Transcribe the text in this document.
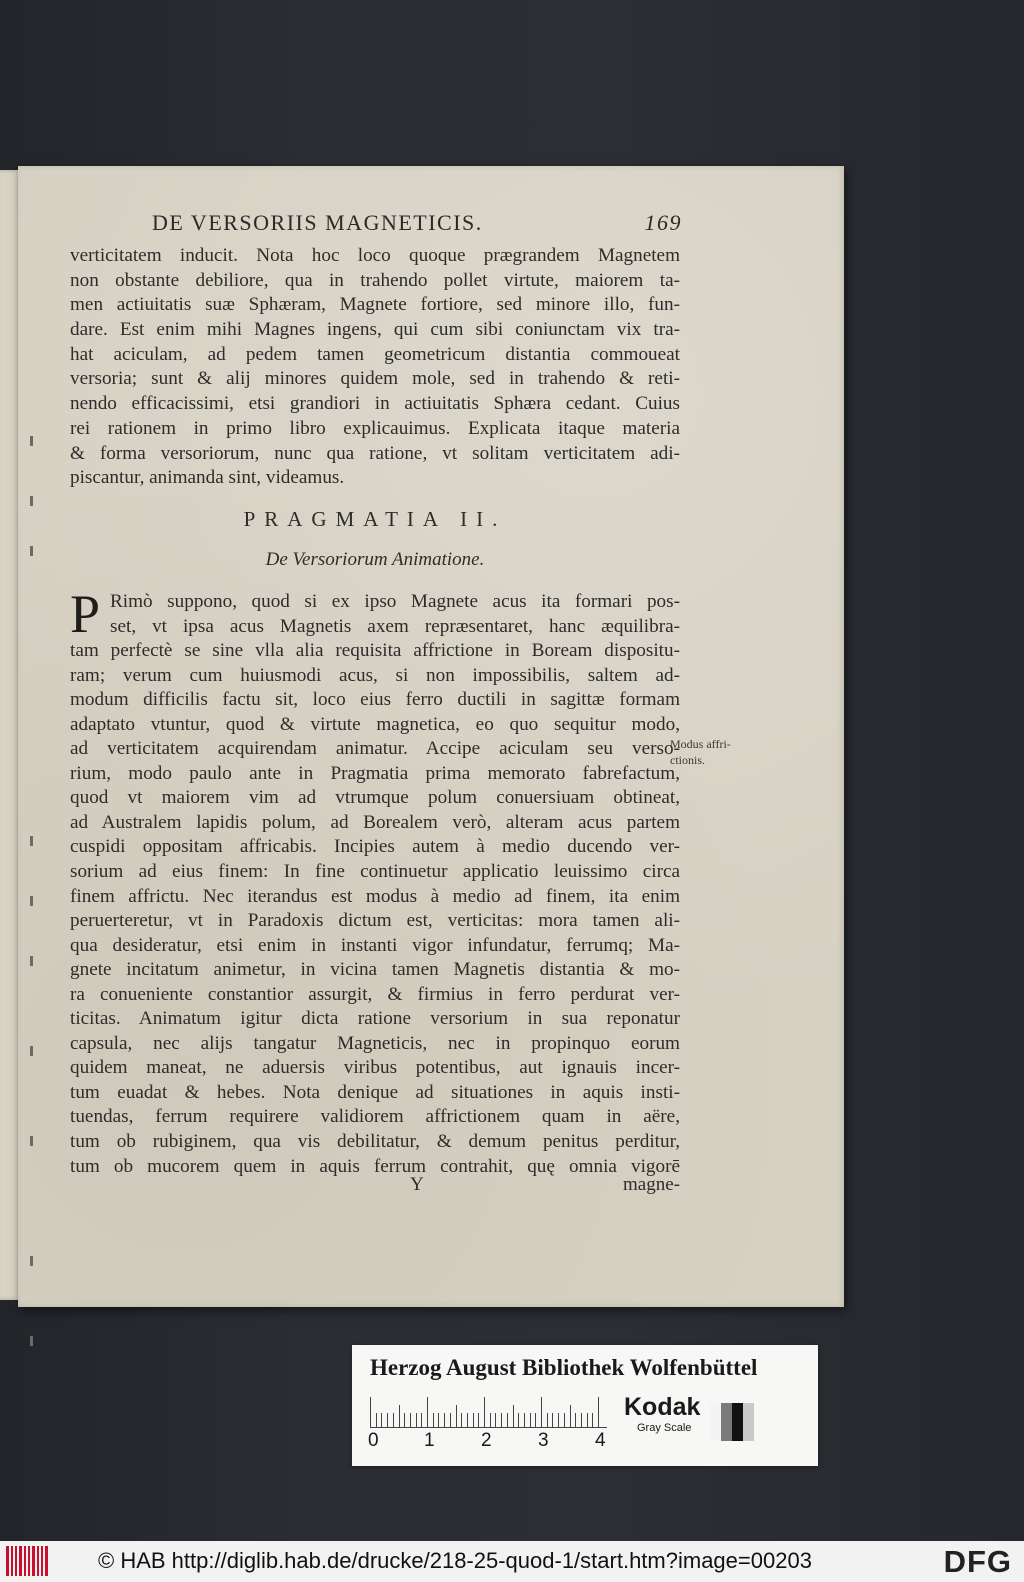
DE VERSORIIS MAGNETICIS.	169
verticitatem inducit. Nota hoc loco quoque prægrandem Magnetem
non obstante debiliore, qua in trahendo pollet virtute, maiorem ta-
men actiuitatis suæ Sphæram, Magnete fortiore, sed minore illo, fun-
dare. Est enim mihi Magnes ingens, qui cum sibi coniunctam vix tra-
hat aciculam, ad pedem tamen geometricum distantia commoueat
versoria; sunt & alij minores quidem mole, sed in trahendo & reti-
nendo efficacissimi, etsi grandiori in actiuitatis Sphæra cedant. Cuius
rei rationem in primo libro explicauimus. Explicata itaque materia
& forma versoriorum, nunc qua ratione, vt solitam verticitatem adi-
piscantur, animanda sint, videamus.
PRAGMATIA II.
De Versoriorum Animatione.
P Rimò suppono, quod si ex ipso Magnete acus ita formari pos-
set, vt ipsa acus Magnetis axem repræsentaret, hanc æquilibra-
tam perfectè se sine vlla alia requisita affrictione in Boream dispositu-
ram; verum cum huiusmodi acus, si non impossibilis, saltem ad-
modum difficilis factu sit, loco eius ferro ductili in sagittæ formam
adaptato vtuntur, quod & virtute magnetica, eo quo sequitur modo,
ad verticitatem acquirendam animatur. Accipe aciculam seu verso-
rium, modo paulo ante in Pragmatia prima memorato fabrefactum,
quod vt maiorem vim ad vtrumque polum conuersiuam obtineat,
ad Australem lapidis polum, ad Borealem verò, alteram acus partem
cuspidi oppositam affricabis. Incipies autem à medio ducendo ver-
sorium ad eius finem: In fine continuetur applicatio leuissimo circa
finem affrictu. Nec iterandus est modus à medio ad finem, ita enim
peruerteretur, vt in Paradoxis dictum est, verticitas: mora tamen ali-
qua desideratur, etsi enim in instanti vigor infundatur, ferrumq; Ma-
gnete incitatum animetur, in vicina tamen Magnetis distantia & mo-
ra conueniente constantior assurgit, & firmius in ferro perdurat ver-
ticitas. Animatum igitur dicta ratione versorium in sua reponatur
capsula, nec alijs tangatur Magneticis, nec in propinquo eorum
quidem maneat, ne aduersis viribus potentibus, aut ignauis incer-
tum euadat & hebes. Nota denique ad situationes in aquis insti-
tuendas, ferrum requirere validiorem affrictionem quam in aëre,
tum ob rubiginem, qua vis debilitatur, & demum penitus perditur,
tum ob mucorem quem in aquis ferrum contrahit, quę omnia vigorē
Modus affri-
ctionis.
Y	magne-
Herzog August Bibliothek Wolfenbüttel
0 1 2 3 4
Kodak
Gray Scale
© HAB http://diglib.hab.de/drucke/218-25-quod-1/start.htm?image=00203	DFG
